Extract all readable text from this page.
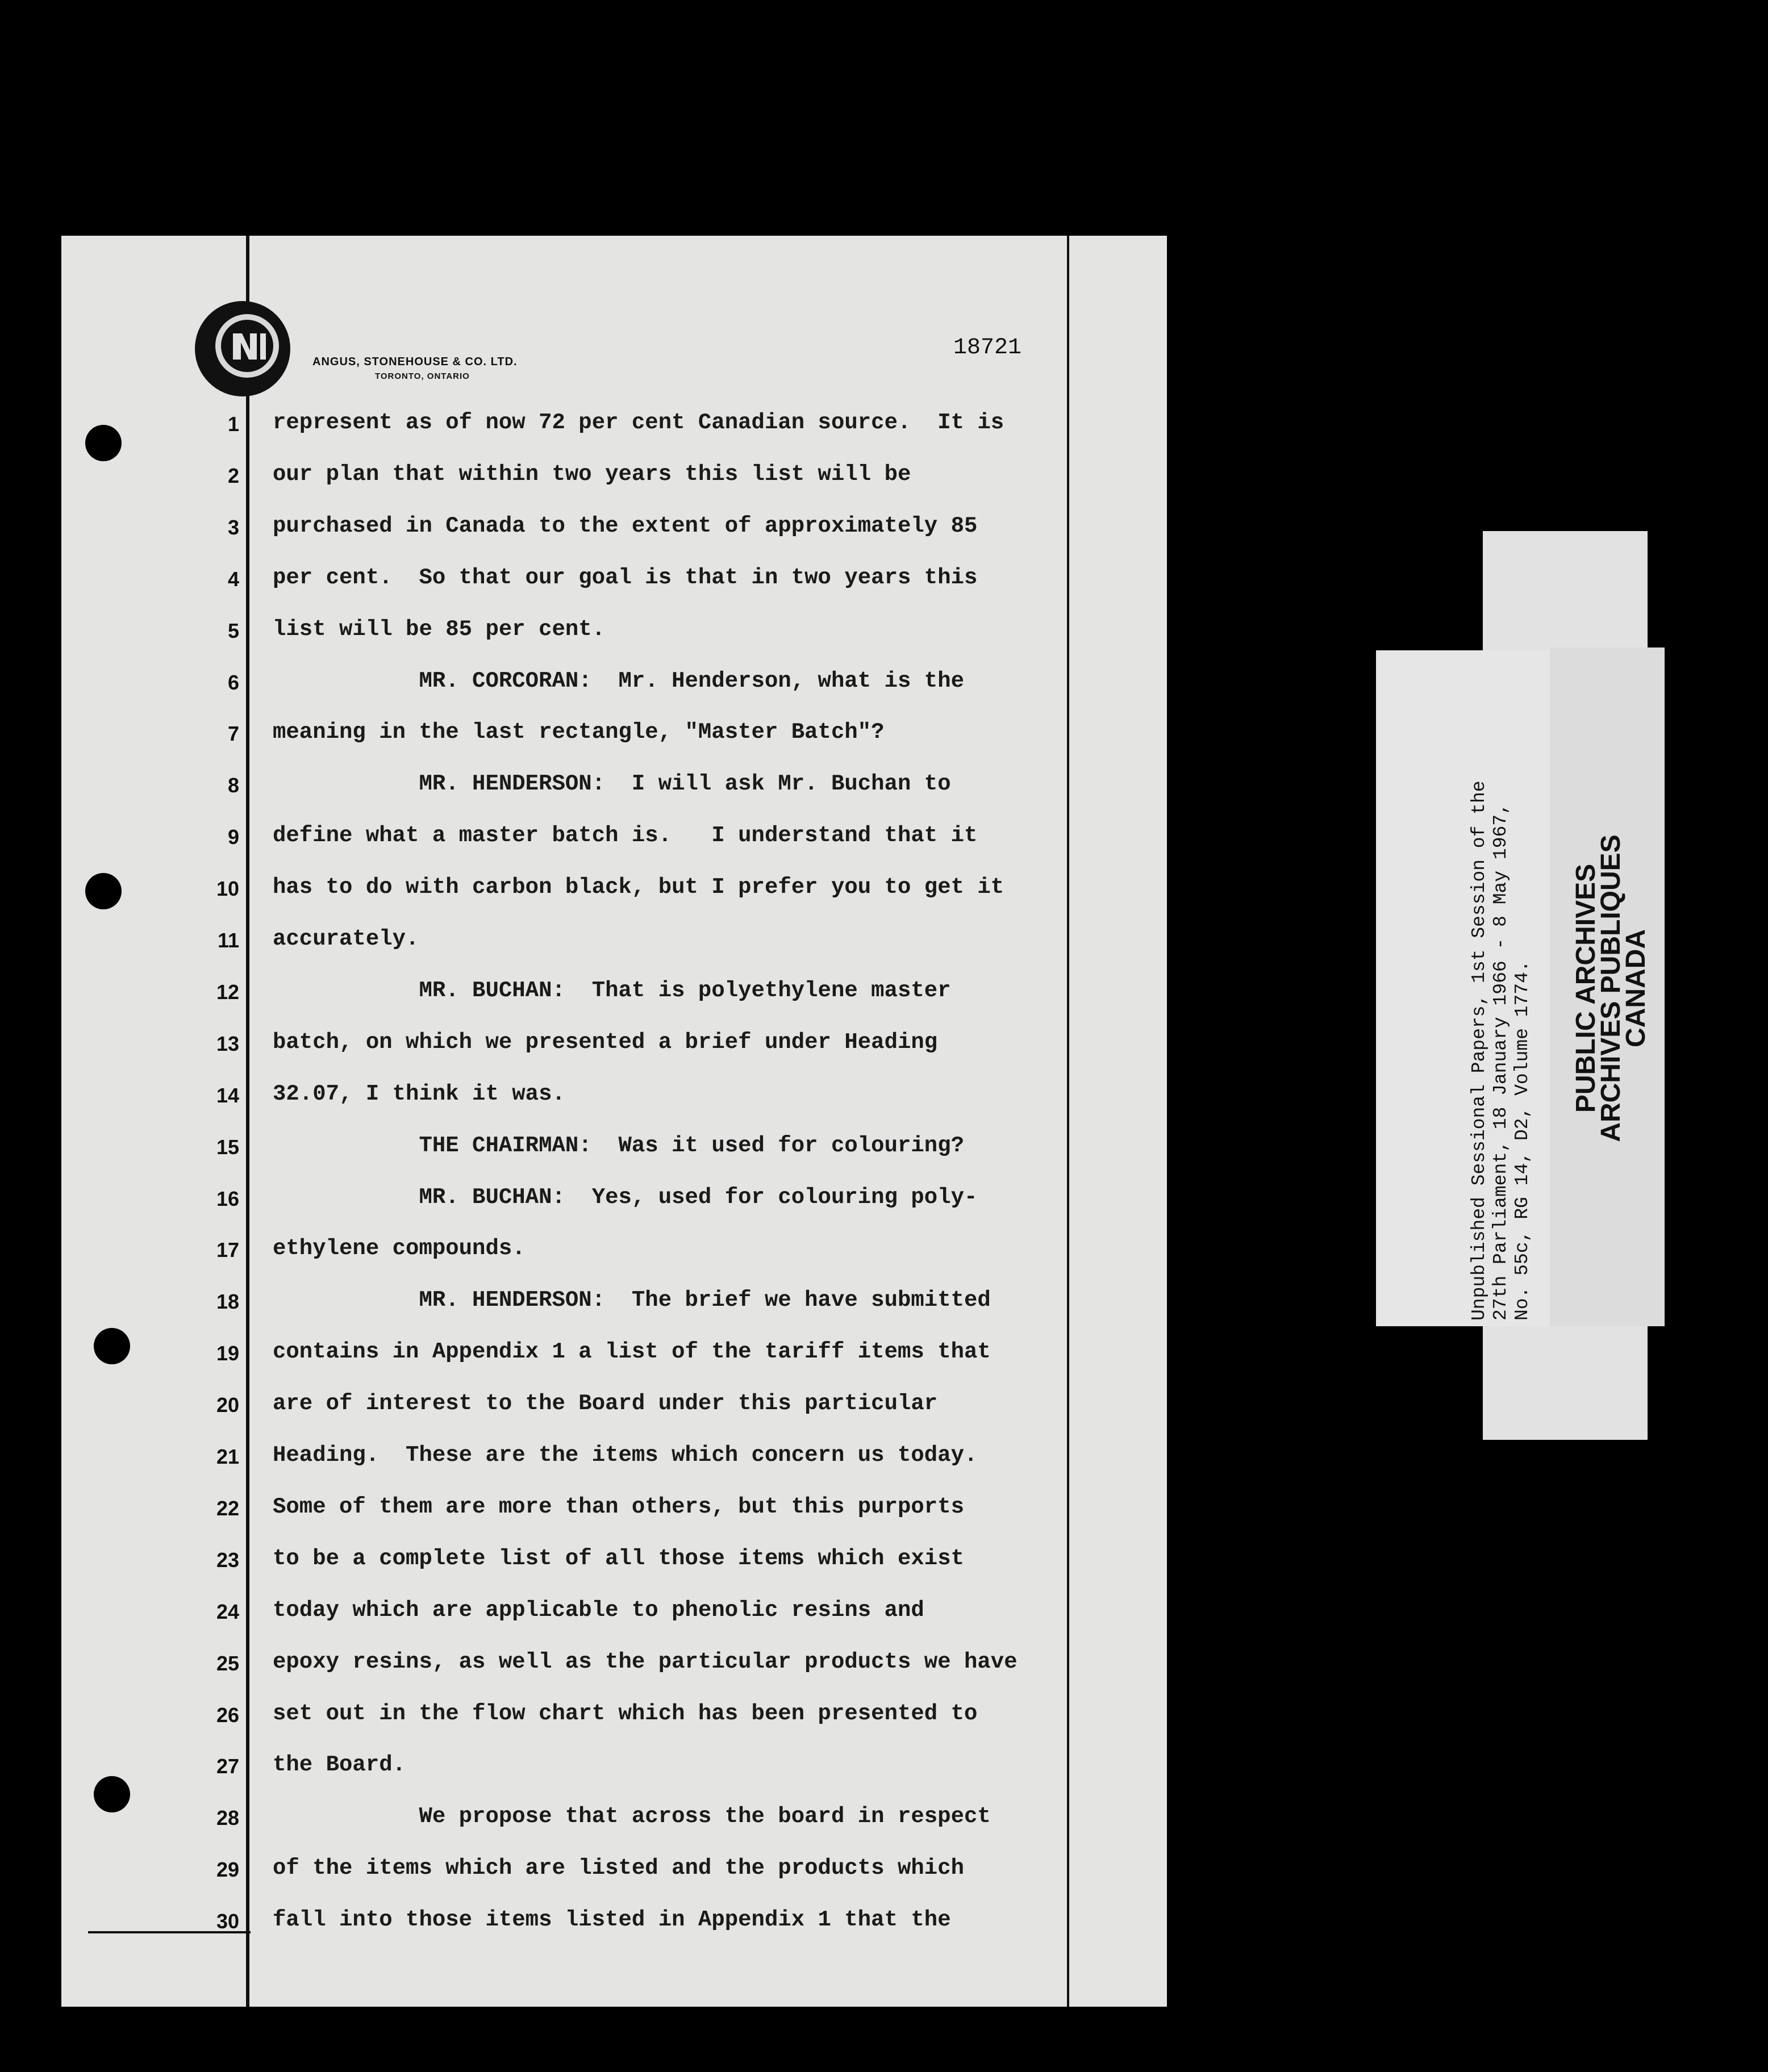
ANGUS, STONEHOUSE & CO. LTD.
TORONTO, ONTARIO
18721
1 represent as of now 72 per cent Canadian source.  It is
2 our plan that within two years this list will be
3 purchased in Canada to the extent of approximately 85
4 per cent.  So that our goal is that in two years this
5 list will be 85 per cent.
6 MR. CORCORAN:  Mr. Henderson, what is the
7 meaning in the last rectangle, "Master Batch"?
8 MR. HENDERSON:  I will ask Mr. Buchan to
9 define what a master batch is.   I understand that it
10 has to do with carbon black, but I prefer you to get it
11 accurately.
12 MR. BUCHAN:  That is polyethylene master
13 batch, on which we presented a brief under Heading
14 32.07, I think it was.
15 THE CHAIRMAN:  Was it used for colouring?
16 MR. BUCHAN:  Yes, used for colouring poly-
17 ethylene compounds.
18 MR. HENDERSON:  The brief we have submitted
19 contains in Appendix 1 a list of the tariff items that
20 are of interest to the Board under this particular
21 Heading.  These are the items which concern us today.
22 Some of them are more than others, but this purports
23 to be a complete list of all those items which exist
24 today which are applicable to phenolic resins and
25 epoxy resins, as well as the particular products we have
26 set out in the flow chart which has been presented to
27 the Board.
28 We propose that across the board in respect
29 of the items which are listed and the products which
30 fall into those items listed in Appendix 1 that the
Unpublished Sessional Papers, 1st Session of the 27th Parliament, 18 January 1966 - 8 May 1967, No. 55c, RG 14, D2, Volume 1774. PUBLIC ARCHIVES
ARCHIVES PUBLIQUES
CANADA
